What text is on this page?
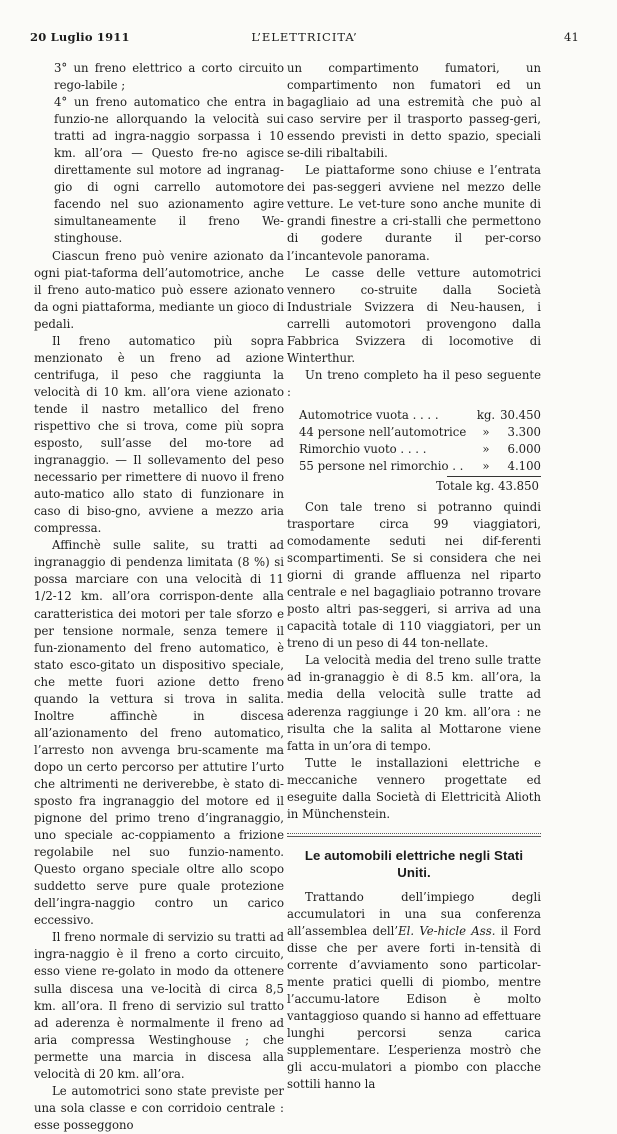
20 Luglio 1911	L’ELETTRICITA’	41

3° un freno elettrico a corto circuito rego-labile ;

4° un freno automatico che entra in funzio-ne allorquando la velocità sui tratti ad ingra-naggio sorpassa i 10 km. all’ora — Questo fre-no agisce direttamente sul motore ad ingranag-gio di ogni carrello automotore facendo nel suo azionamento agire simultaneamente il freno We-stinghouse.

Ciascun freno può venire azionato da ogni piat-taforma dell’automotrice, anche il freno auto-matico può essere azionato da ogni piattaforma, mediante un gioco di pedali.

Il freno automatico più sopra menzionato è un freno ad azione centrifuga, il peso che raggiunta la velocità di 10 km. all’ora viene azionato tende il nastro metallico del freno rispettivo che si trova, come più sopra esposto, sull’asse del mo-tore ad ingranaggio. — Il sollevamento del peso necessario per rimettere di nuovo il freno auto-matico allo stato di funzionare in caso di biso-gno, avviene a mezzo aria compressa.

Affinchè sulle salite, su tratti ad ingranaggio di pendenza limitata (8 %) si possa marciare con una velocità di 11 1/2-12 km. all’ora corrispon-dente alla caratteristica dei motori per tale sforzo e per tensione normale, senza temere il fun-zionamento del freno automatico, è stato esco-gitato un dispositivo speciale, che mette fuori azione detto freno quando la vettura si trova in salita. Inoltre affinchè in discesa all’azionamento del freno automatico, l’arresto non avvenga bru-scamente ma dopo un certo percorso per attutire l’urto che altrimenti ne deriverebbe, è stato di-sposto fra ingranaggio del motore ed il pignone del primo treno d’ingranaggio, uno speciale ac-coppiamento a frizione regolabile nel suo funzio-namento. Questo organo speciale oltre allo scopo suddetto serve pure quale protezione dell’ingra-naggio contro un carico eccessivo.

Il freno normale di servizio su tratti ad ingra-naggio è il freno a corto circuito, esso viene re-golato in modo da ottenere sulla discesa una ve-locità di circa 8,5 km. all’ora. Il freno di servizio sul tratto ad aderenza è normalmente il freno ad aria compressa Westinghouse ; che permette una marcia in discesa alla velocità di 20 km. all’ora.

Le automotrici sono state previste per una sola classe e con corridoio centrale : esse posseggono

un compartimento fumatori, un compartimento non fumatori ed un bagagliaio ad una estremità che può al caso servire per il trasporto passeg-geri, essendo previsti in detto spazio, speciali se-dili ribaltabili.

Le piattaforme sono chiuse e l’entrata dei pas-seggeri avviene nel mezzo delle vetture. Le vet-ture sono anche munite di grandi finestre a cri-stalli che permettono di godere durante il per-corso l’incantevole panorama.

Le casse delle vetture automotrici vennero co-struite dalla Società Industriale Svizzera di Neu-hausen, i carrelli automotori provengono dalla Fabbrica Svizzera di locomotive di Winterthur.

Un treno completo ha il peso seguente :

Automotrice vuota . . . .	kg. 30.450
44 persone nell’automotrice	»	3.300
Rimorchio vuoto . . . .	»	6.000
55 persone nel rimorchio . .	»	4.100
Totale kg. 43.850

Con tale treno si potranno quindi trasportare circa 99 viaggiatori, comodamente seduti nei dif-ferenti scompartimenti. Se si considera che nei giorni di grande affluenza nel riparto centrale e nel bagagliaio potranno trovare posto altri pas-seggeri, si arriva ad una capacità totale di 110 viaggiatori, per un treno di un peso di 44 ton-nellate.

La velocità media del treno sulle tratte ad in-granaggio è di 8.5 km. all’ora, la media della velocità sulle tratte ad aderenza raggiunge i 20 km. all’ora : ne risulta che la salita al Mottarone viene fatta in un’ora di tempo.

Tutte le installazioni elettriche e meccaniche vennero progettate ed eseguite dalla Società di Elettricità Alioth in Münchenstein.

Le automobili elettriche negli Stati Uniti.

Trattando dell’impiego degli accumulatori in una sua conferenza all’assemblea dell’El. Ve-hicle Ass. il Ford disse che per avere forti in-tensità di corrente d’avviamento sono particolar-mente pratici quelli di piombo, mentre l’accumu-latore Edison è molto vantaggioso quando si hanno ad effettuare lunghi percorsi senza carica supplementare. L’esperienza mostrò che gli accu-mulatori a piombo con placche sottili hanno la
